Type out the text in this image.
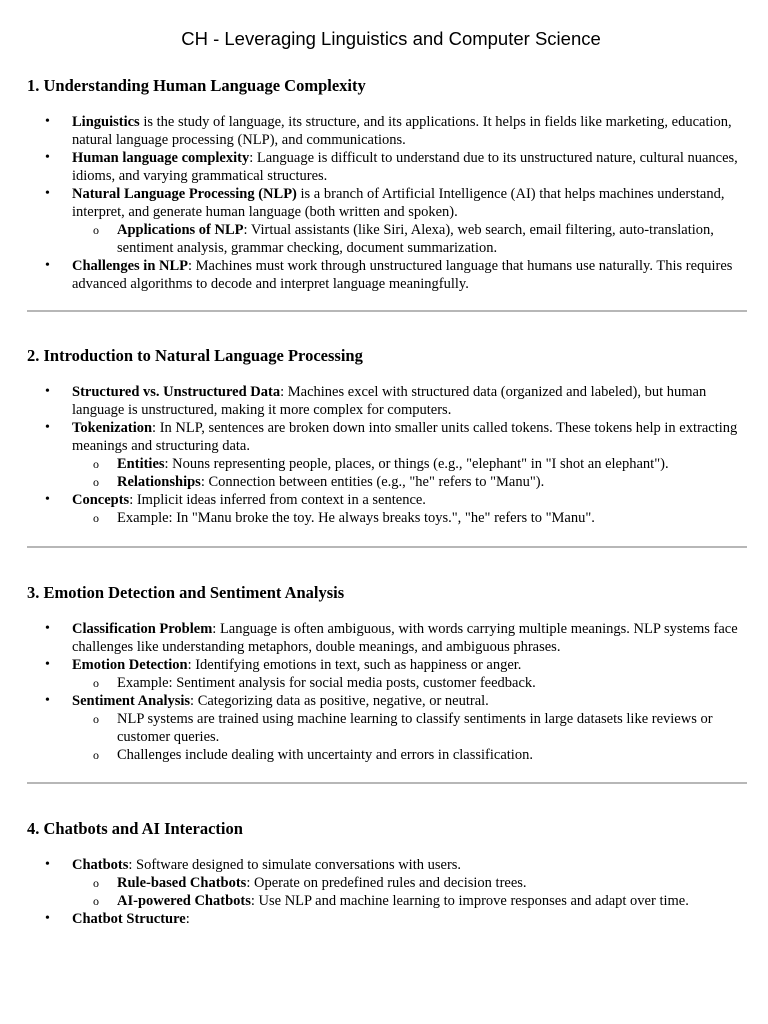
CH - Leveraging Linguistics and Computer Science
1. Understanding Human Language Complexity
• Linguistics is the study of language, its structure, and its applications. It helps in fields like marketing, education, natural language processing (NLP), and communications.
• Human language complexity: Language is difficult to understand due to its unstructured nature, cultural nuances, idioms, and varying grammatical structures.
• Natural Language Processing (NLP) is a branch of Artificial Intelligence (AI) that helps machines understand, interpret, and generate human language (both written and spoken).
o Applications of NLP: Virtual assistants (like Siri, Alexa), web search, email filtering, auto-translation, sentiment analysis, grammar checking, document summarization.
• Challenges in NLP: Machines must work through unstructured language that humans use naturally. This requires advanced algorithms to decode and interpret language meaningfully.
2. Introduction to Natural Language Processing
• Structured vs. Unstructured Data: Machines excel with structured data (organized and labeled), but human language is unstructured, making it more complex for computers.
• Tokenization: In NLP, sentences are broken down into smaller units called tokens. These tokens help in extracting meanings and structuring data.
o Entities: Nouns representing people, places, or things (e.g., "elephant" in "I shot an elephant").
o Relationships: Connection between entities (e.g., "he" refers to "Manu").
• Concepts: Implicit ideas inferred from context in a sentence.
o Example: In "Manu broke the toy. He always breaks toys.", "he" refers to "Manu".
3. Emotion Detection and Sentiment Analysis
• Classification Problem: Language is often ambiguous, with words carrying multiple meanings. NLP systems face challenges like understanding metaphors, double meanings, and ambiguous phrases.
• Emotion Detection: Identifying emotions in text, such as happiness or anger.
o Example: Sentiment analysis for social media posts, customer feedback.
• Sentiment Analysis: Categorizing data as positive, negative, or neutral.
o NLP systems are trained using machine learning to classify sentiments in large datasets like reviews or customer queries.
o Challenges include dealing with uncertainty and errors in classification.
4. Chatbots and AI Interaction
• Chatbots: Software designed to simulate conversations with users.
o Rule-based Chatbots: Operate on predefined rules and decision trees.
o AI-powered Chatbots: Use NLP and machine learning to improve responses and adapt over time.
• Chatbot Structure:
